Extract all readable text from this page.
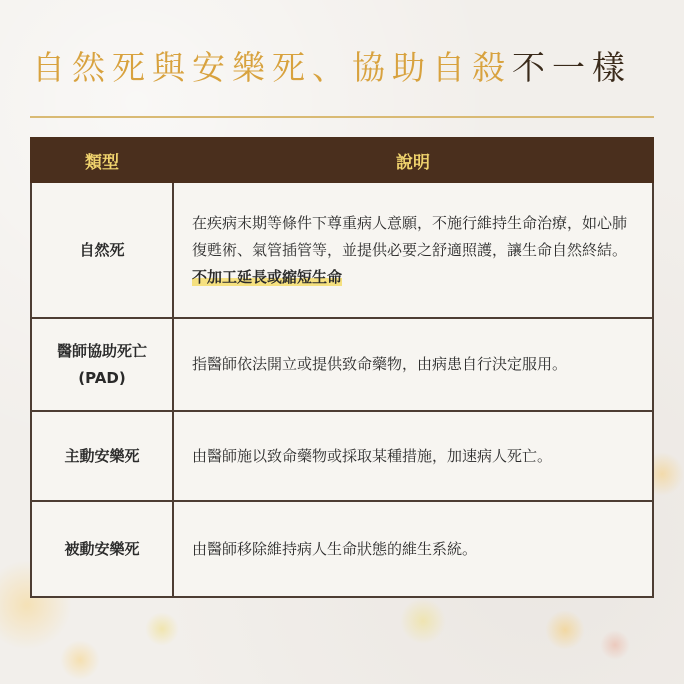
自然死與安樂死、協助自殺不一樣
類型	說明

自然死	在疾病末期等條件下尊重病人意願，不施行維持生命治療，如心肺復甦術、氣管插管等，並提供必要之舒適照護，讓生命自然終結。
不加工延長或縮短生命

醫師協助死亡
(PAD)	指醫師依法開立或提供致命藥物，由病患自行決定服用。

主動安樂死	由醫師施以致命藥物或採取某種措施，加速病人死亡。

被動安樂死	由醫師移除維持病人生命狀態的維生系統。
